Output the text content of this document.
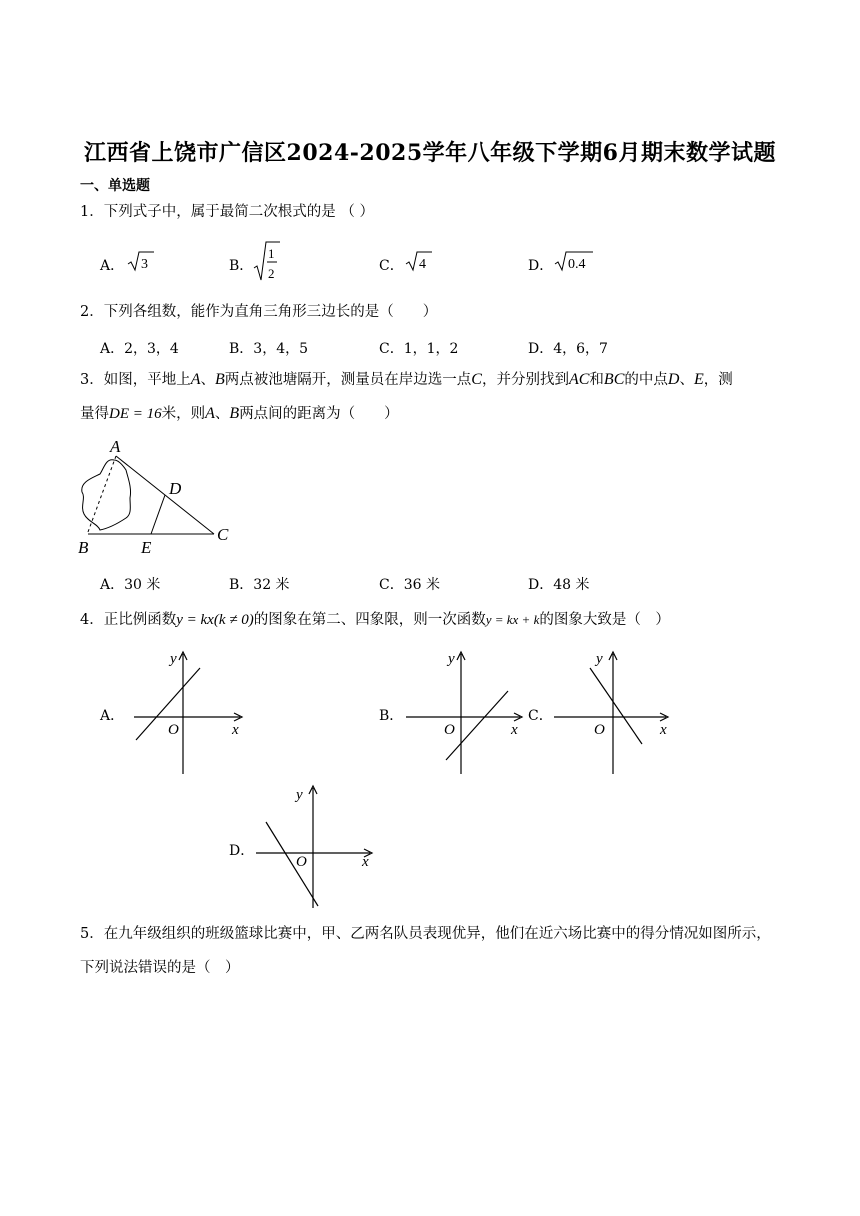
江西省上饶市广信区2024-2025学年八年级下学期6月期末数学试题
一、单选题
1．下列式子中，属于最简二次根式的是 （ ）
A． 3	B．
1
2	C． 4	D． 0.4
2．下列各组数，能作为直角三角形三边长的是（　　）
A．2，3，4	B．3，4，5	C．1，1，2	D．4，6，7
3．如图，平地上A、B两点被池塘隔开，测量员在岸边选一点C，并分别找到AC和BC的中点D、E，测
量得DE = 16米，则A、B两点间的距离为（　　）
A
B
C
D
E
A．30 米	B．32 米	C．36 米	D．48 米
4．正比例函数y = kx(k ≠ 0)的图象在第二、四象限，则一次函数y = kx + k的图象大致是（　）
A．
O	x
y
B．
O	x
y
C．
O	x
y
D．
O	x
y
5．在九年级组织的班级篮球比赛中，甲、乙两名队员表现优异，他们在近六场比赛中的得分情况如图所示，
下列说法错误的是（　）
